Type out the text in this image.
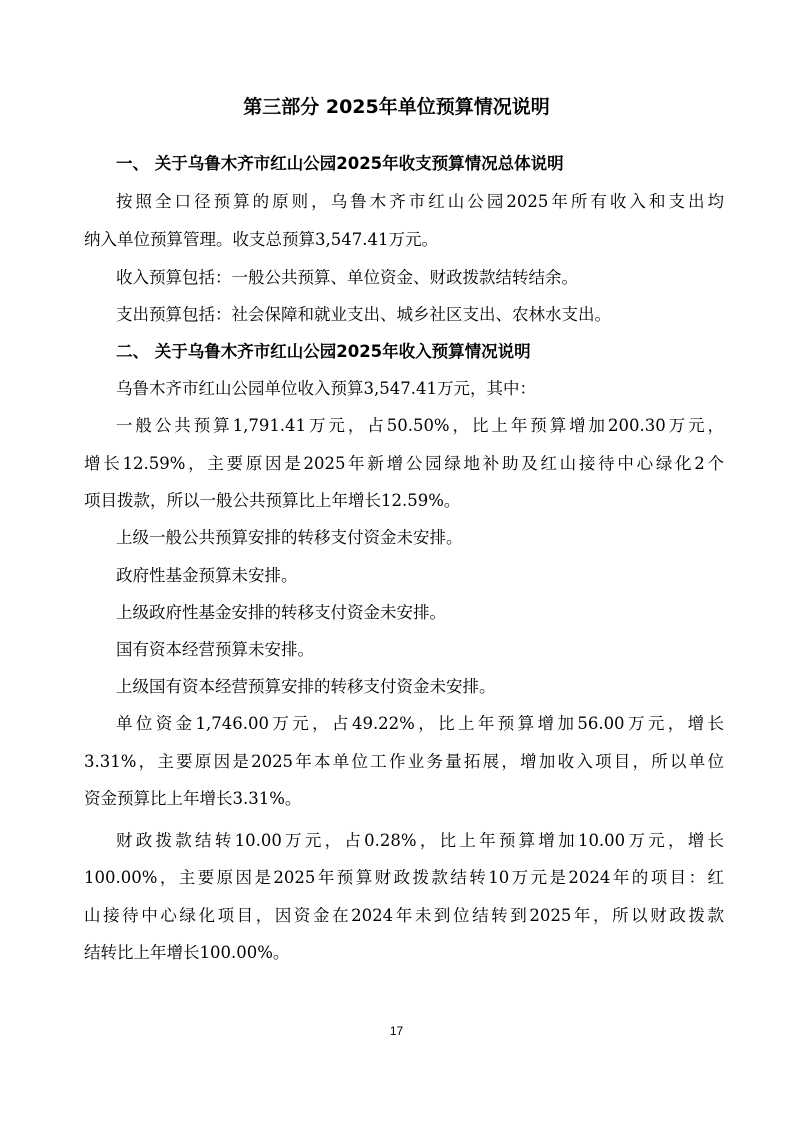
第三部分 2025年单位预算情况说明
一、 关于乌鲁木齐市红山公园2025年收支预算情况总体说明
按照全口径预算的原则，乌鲁木齐市红山公园2025年所有收入和支出均
纳入单位预算管理。收支总预算3,547.41万元。
收入预算包括：一般公共预算、单位资金、财政拨款结转结余。
支出预算包括：社会保障和就业支出、城乡社区支出、农林水支出。
二、 关于乌鲁木齐市红山公园2025年收入预算情况说明
乌鲁木齐市红山公园单位收入预算3,547.41万元，其中：
一般公共预算1,791.41万元，占50.50%，比上年预算增加200.30万元，
增长12.59%，主要原因是2025年新增公园绿地补助及红山接待中心绿化2个
项目拨款，所以一般公共预算比上年增长12.59%。
上级一般公共预算安排的转移支付资金未安排。
政府性基金预算未安排。
上级政府性基金安排的转移支付资金未安排。
国有资本经营预算未安排。
上级国有资本经营预算安排的转移支付资金未安排。
单位资金1,746.00万元，占49.22%，比上年预算增加56.00万元，增长
3.31%，主要原因是2025年本单位工作业务量拓展，增加收入项目，所以单位
资金预算比上年增长3.31%。
财政拨款结转10.00万元，占0.28%，比上年预算增加10.00万元，增长
100.00%，主要原因是2025年预算财政拨款结转10万元是2024年的项目：红
山接待中心绿化项目，因资金在2024年未到位结转到2025年，所以财政拨款
结转比上年增长100.00%。
17
